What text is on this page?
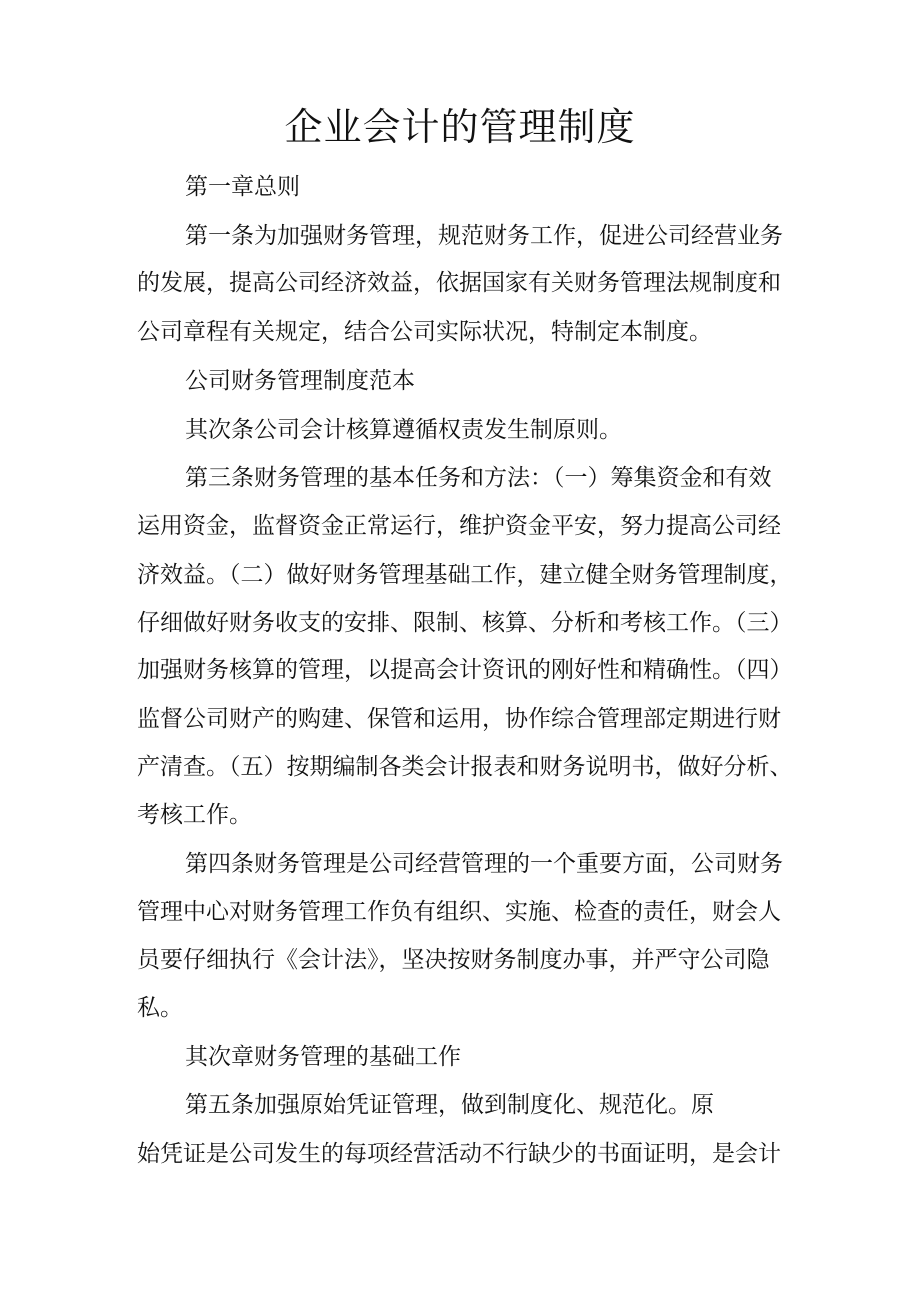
企业会计的管理制度

第一章总则

第一条为加强财务管理，规范财务工作，促进公司经营业务

的发展，提高公司经济效益，依据国家有关财务管理法规制度和

公司章程有关规定，结合公司实际状况，特制定本制度。

公司财务管理制度范本

其次条公司会计核算遵循权责发生制原则。

第三条财务管理的基本任务和方法：（一）筹集资金和有效

运用资金，监督资金正常运行，维护资金平安，努力提高公司经

济效益。（二）做好财务管理基础工作，建立健全财务管理制度，

仔细做好财务收支的安排、限制、核算、分析和考核工作。（三）

加强财务核算的管理，以提高会计资讯的刚好性和精确性。（四）

监督公司财产的购建、保管和运用，协作综合管理部定期进行财

产清查。（五）按期编制各类会计报表和财务说明书，做好分析、

考核工作。

第四条财务管理是公司经营管理的一个重要方面，公司财务

管理中心对财务管理工作负有组织、实施、检查的责任，财会人

员要仔细执行《会计法》，坚决按财务制度办事，并严守公司隐

私。

其次章财务管理的基础工作

第五条加强原始凭证管理，做到制度化、规范化。原

始凭证是公司发生的每项经营活动不行缺少的书面证明，是会计
